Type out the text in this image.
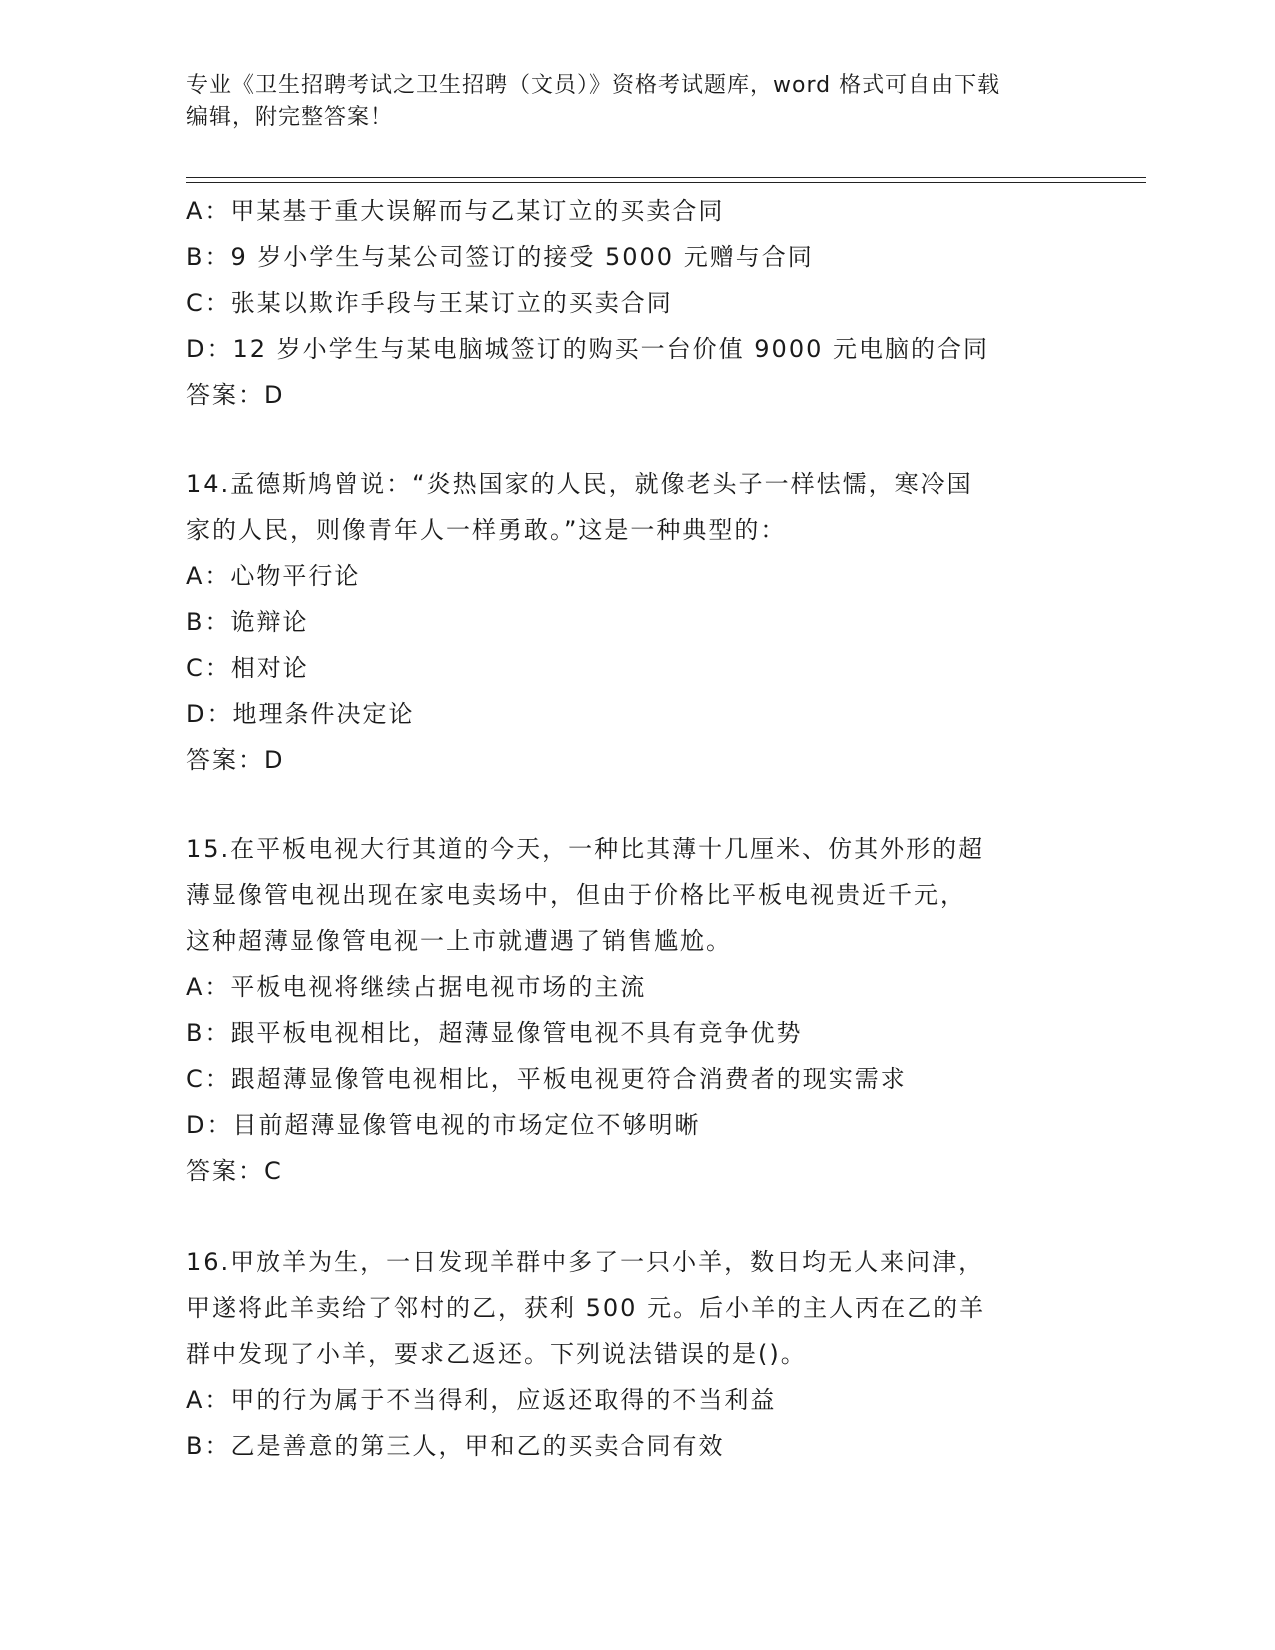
专业《卫生招聘考试之卫生招聘（文员）》资格考试题库，word 格式可自由下载
编辑，附完整答案！
A：甲某基于重大误解而与乙某订立的买卖合同
B：9 岁小学生与某公司签订的接受 5000 元赠与合同
C：张某以欺诈手段与王某订立的买卖合同
D：12 岁小学生与某电脑城签订的购买一台价值 9000 元电脑的合同
答案：D
14.孟德斯鸠曾说：“炎热国家的人民，就像老头子一样怯懦，寒冷国
家的人民，则像青年人一样勇敢。”这是一种典型的：
A：心物平行论
B：诡辩论
C：相对论
D：地理条件决定论
答案：D
15.在平板电视大行其道的今天，一种比其薄十几厘米、仿其外形的超
薄显像管电视出现在家电卖场中，但由于价格比平板电视贵近千元，
这种超薄显像管电视一上市就遭遇了销售尴尬。
A：平板电视将继续占据电视市场的主流
B：跟平板电视相比，超薄显像管电视不具有竞争优势
C：跟超薄显像管电视相比，平板电视更符合消费者的现实需求
D：目前超薄显像管电视的市场定位不够明晰
答案：C
16.甲放羊为生，一日发现羊群中多了一只小羊，数日均无人来问津，
甲遂将此羊卖给了邻村的乙，获利 500 元。后小羊的主人丙在乙的羊
群中发现了小羊，要求乙返还。下列说法错误的是()。
A：甲的行为属于不当得利，应返还取得的不当利益
B：乙是善意的第三人，甲和乙的买卖合同有效
